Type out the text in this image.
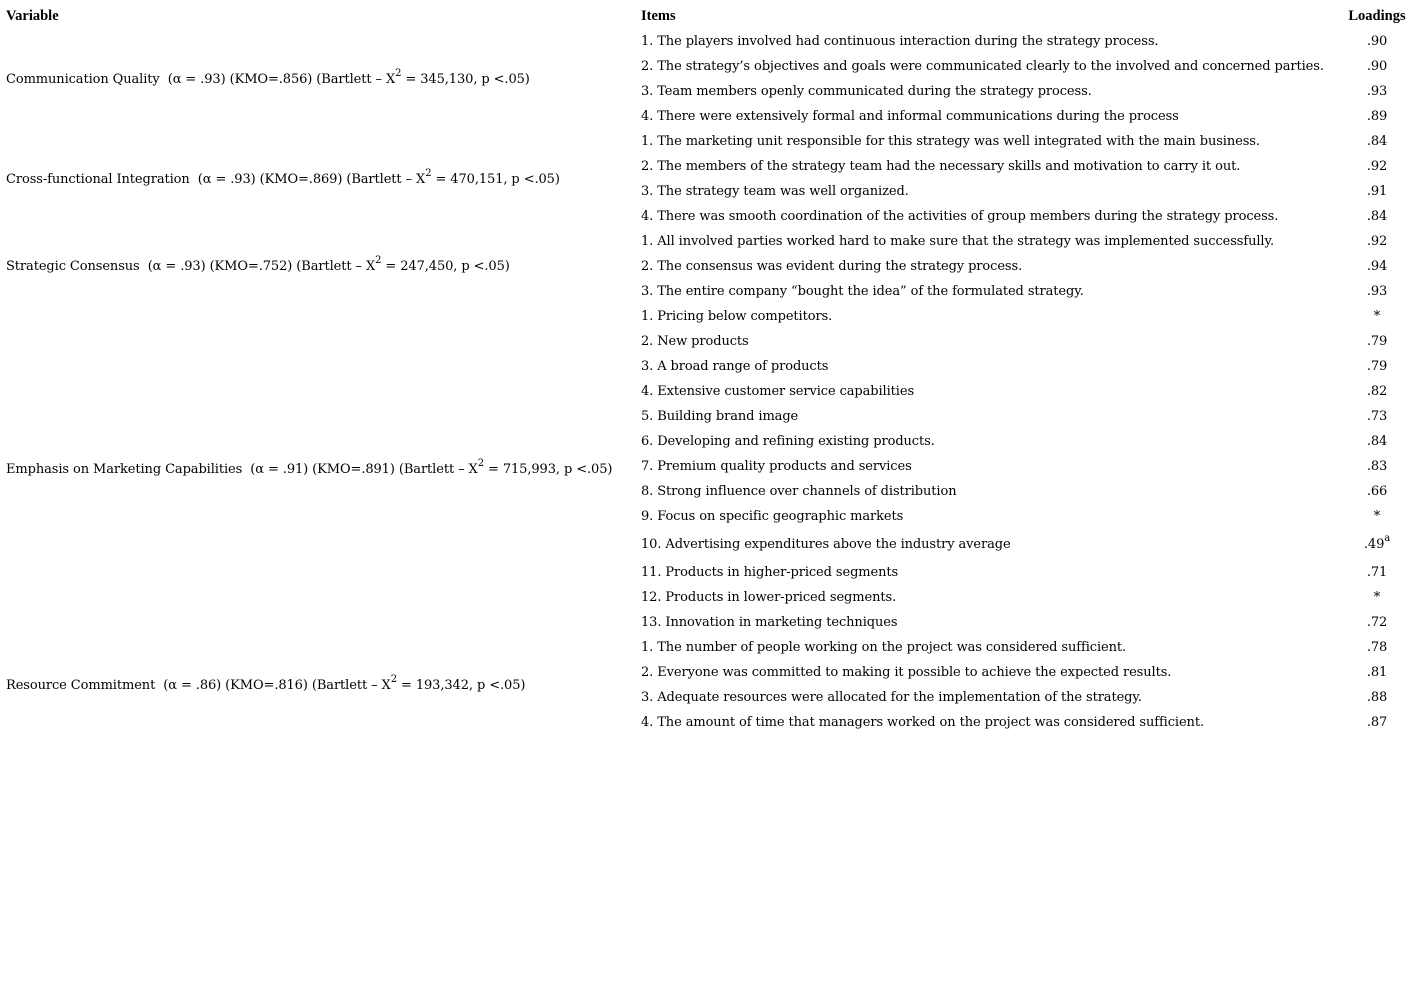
Variable	Items	Loadings
Communication Quality (α = .93) (KMO=.856) (Bartlett – $X^2 = 345,130$, p <.05)	1. The players involved had continuous interaction during the strategy process.	.90
	2. The strategy’s objectives and goals were communicated clearly to the involved and concerned parties.	.90
	3. Team members openly communicated during the strategy process.	.93
	4. There were extensively formal and informal communications during the process	.89
Cross-functional Integration (α = .93) (KMO=.869) (Bartlett – $X^2 = 470,151$, p <.05)	1. The marketing unit responsible for this strategy was well integrated with the main business.	.84
	2. The members of the strategy team had the necessary skills and motivation to carry it out.	.92
	3. The strategy team was well organized.	.91
	4. There was smooth coordination of the activities of group members during the strategy process.	.84
Strategic Consensus (α = .93) (KMO=.752) (Bartlett – $X^2 = 247,450$, p <.05)	1. All involved parties worked hard to make sure that the strategy was implemented successfully.	.92
	2. The consensus was evident during the strategy process.	.94
	3. The entire company “bought the idea” of the formulated strategy.	.93
Emphasis on Marketing Capabilities (α = .91) (KMO=.891) (Bartlett – $X^2 = 715,993$, p <.05)	1. Pricing below competitors.	*
	2. New products	.79
	3. A broad range of products	.79
	4. Extensive customer service capabilities	.82
	5. Building brand image	.73
	6. Developing and refining existing products.	.84
	7. Premium quality products and services	.83
	8. Strong influence over channels of distribution	.66
	9. Focus on specific geographic markets	*
	10. Advertising expenditures above the industry average	.49$^a$
	11. Products in higher-priced segments	.71
	12. Products in lower-priced segments.	*
	13. Innovation in marketing techniques	.72
Resource Commitment (α = .86) (KMO=.816) (Bartlett – $X^2 = 193,342$, p <.05)	1. The number of people working on the project was considered sufficient.	.78
	2. Everyone was committed to making it possible to achieve the expected results.	.81
	3. Adequate resources were allocated for the implementation of the strategy.	.88
	4. The amount of time that managers worked on the project was considered sufficient.	.87
